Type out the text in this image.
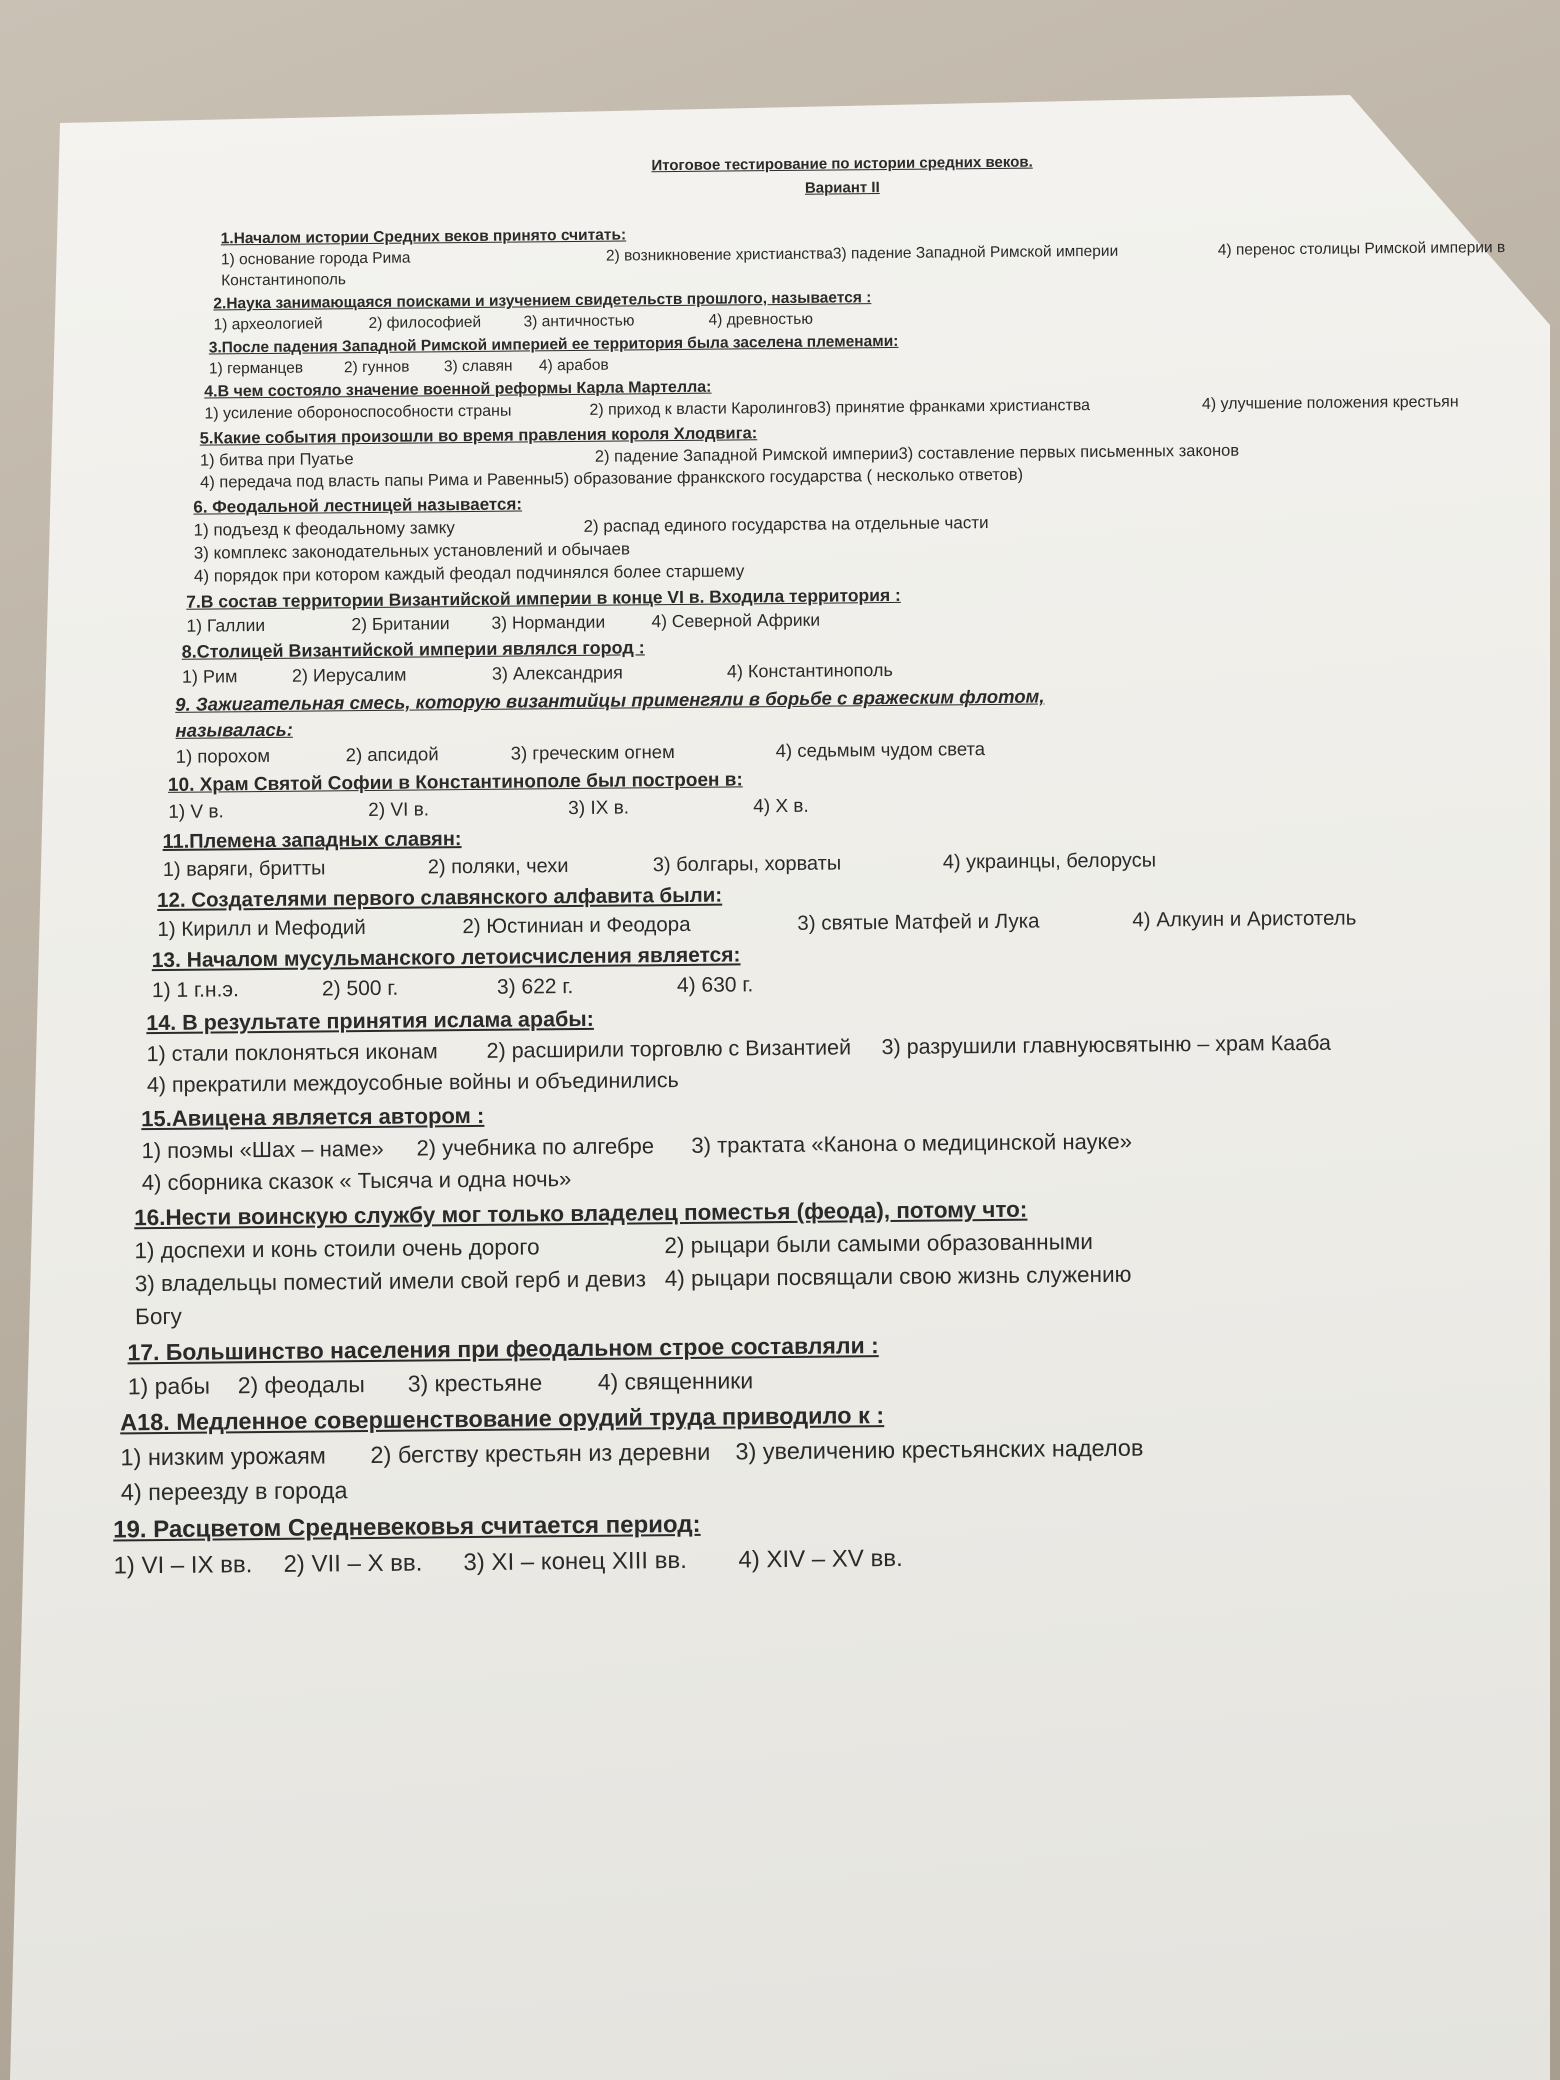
Итоговое тестирование по истории средних веков.
Вариант II
1.Началом истории Средних веков принято считать:
1) основание города Рима	2) возникновение христианства 3) падение Западной Римской империи	4) перенос столицы Римской империи в
Константинополь
2.Наука занимающаяся поисками и изучением свидетельств прошлого, называется :
1) археологией	2) философией	3) античностью	4) древностью
3.После падения Западной Римской империей ее территория была заселена племенами:
1) германцев	2) гуннов	3) славян	4) арабов
4.В чем состояло значение военной реформы Карла Мартелла:
1) усиление обороноспособности страны	2) приход к власти Каролингов 3) принятие франками христианства	4) улучшение положения крестьян
5.Какие события произошли во время правления короля Хлодвига:
1) битва при Пуатье	2) падение Западной Римской империи 3) составление первых письменных законов
4) передача под власть папы Рима и Равенны 5) образование франкского государства ( несколько ответов)
6. Феодальной лестницей называется:
1) подъезд к феодальному замку	2) распад единого государства на отдельные части
3) комплекс законодательных установлений и обычаев
4) порядок при котором каждый феодал подчинялся более старшему
7.В состав территории Византийской империи в конце VI в. Входила территория :
1) Галлии	2) Британии	3) Нормандии	4) Северной Африки
8.Столицей Византийской империи являлся город :
1) Рим	2) Иерусалим	3) Александрия	4) Константинополь
9. Зажигательная смесь, которую византийцы применгяли в борьбе с вражеским флотом,
называлась:
1) порохом	2) апсидой	3) греческим огнем	4) седьмым чудом света
10. Храм Святой Софии в Константинополе был построен в:
1) V в.	2) VI в.	3) IX в.	4) X в.
11.Племена западных славян:
1) варяги, бритты	2) поляки, чехи	3) болгары, хорваты	4) украинцы, белорусы
12. Создателями первого славянского алфавита были:
1) Кирилл и Мефодий	2) Юстиниан и Феодора	3) святые Матфей и Лука	4) Алкуин и Аристотель
13. Началом мусульманского летоисчисления является:
1) 1 г.н.э.	2) 500 г.	3) 622 г.	4) 630 г.
14. В результате принятия ислама арабы:
1) стали поклоняться иконам	2) расширили торговлю с Византией	3) разрушили главную святыню – храм Кааба
4) прекратили междоусобные войны и объединились
15.Авицена является автором :
1) поэмы «Шах – наме»	2) учебника по алгебре	3) трактата «Канона о медицинской науке»
4) сборника сказок « Тысяча и одна ночь»
16.Нести воинскую службу мог только владелец поместья (феода), потому что:
1) доспехи и конь стоили очень дорого	2) рыцари были самыми образованными
3) владельцы поместий имели свой герб и девиз 4) рыцари посвящали свою жизнь служению
Богу
17. Большинство населения при феодальном строе составляли :
1) рабы	2) феодалы	3) крестьяне	4) священники
А18. Медленное совершенствование орудий труда приводило к :
1) низким урожаям	2) бегству крестьян из деревни	3) увеличению крестьянских наделов
4) переезду в города
19. Расцветом Средневековья считается период:
1) VI – IX вв.	2) VII – X вв.	3) XI – конец XIII вв.	4) XIV – XV вв.
